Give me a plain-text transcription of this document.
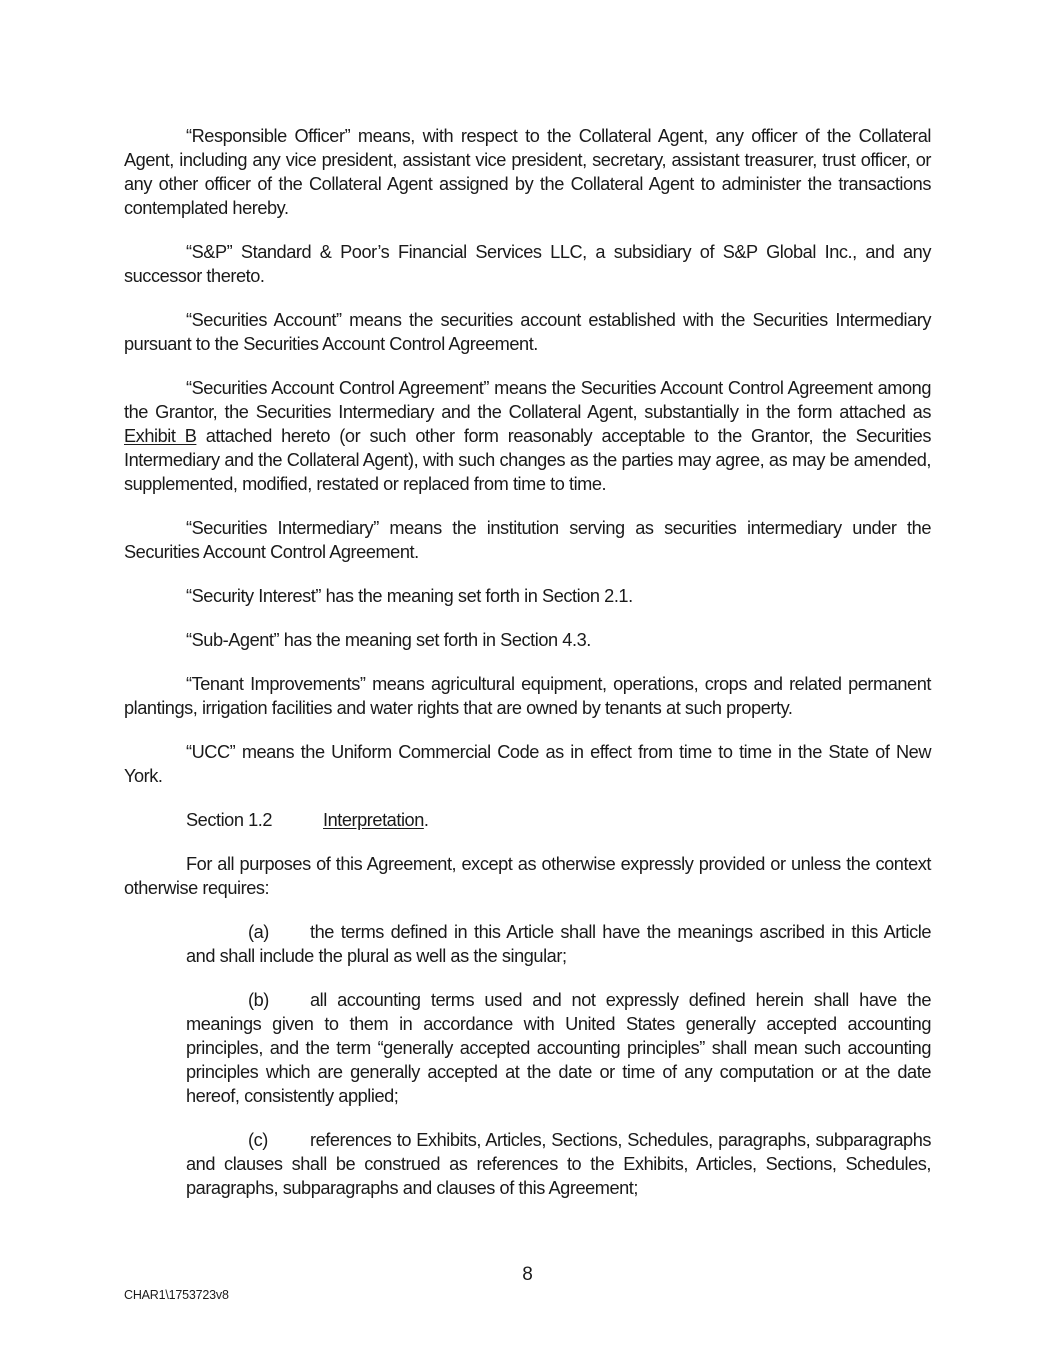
“Responsible Officer” means, with respect to the Collateral Agent, any officer of the Collateral Agent, including any vice president, assistant vice president, secretary, assistant treasurer, trust officer, or any other officer of the Collateral Agent assigned by the Collateral Agent to administer the transactions contemplated hereby.

“S&P” Standard & Poor’s Financial Services LLC, a subsidiary of S&P Global Inc., and any successor thereto.

“Securities Account” means the securities account established with the Securities Intermediary pursuant to the Securities Account Control Agreement.

“Securities Account Control Agreement” means the Securities Account Control Agreement among the Grantor, the Securities Intermediary and the Collateral Agent, substantially in the form attached as Exhibit B attached hereto (or such other form reasonably acceptable to the Grantor, the Securities Intermediary and the Collateral Agent), with such changes as the parties may agree, as may be amended, supplemented, modified, restated or replaced from time to time.

“Securities Intermediary” means the institution serving as securities intermediary under the Securities Account Control Agreement.

“Security Interest” has the meaning set forth in Section 2.1.

“Sub-Agent” has the meaning set forth in Section 4.3.

“Tenant Improvements” means agricultural equipment, operations, crops and related permanent plantings, irrigation facilities and water rights that are owned by tenants at such property.

“UCC” means the Uniform Commercial Code as in effect from time to time in the State of New York.

Section 1.2	Interpretation .

For all purposes of this Agreement, except as otherwise expressly provided or unless the context otherwise requires:

(a) the terms defined in this Article shall have the meanings ascribed in this Article and shall include the plural as well as the singular;

(b) all accounting terms used and not expressly defined herein shall have the meanings given to them in accordance with United States generally accepted accounting principles, and the term “generally accepted accounting principles” shall mean such accounting principles which are generally accepted at the date or time of any computation or at the date hereof, consistently applied;

(c) references to Exhibits, Articles, Sections, Schedules, paragraphs, subparagraphs and clauses shall be construed as references to the Exhibits, Articles, Sections, Schedules, paragraphs, subparagraphs and clauses of this Agreement;

8
CHAR1\1753723v8
